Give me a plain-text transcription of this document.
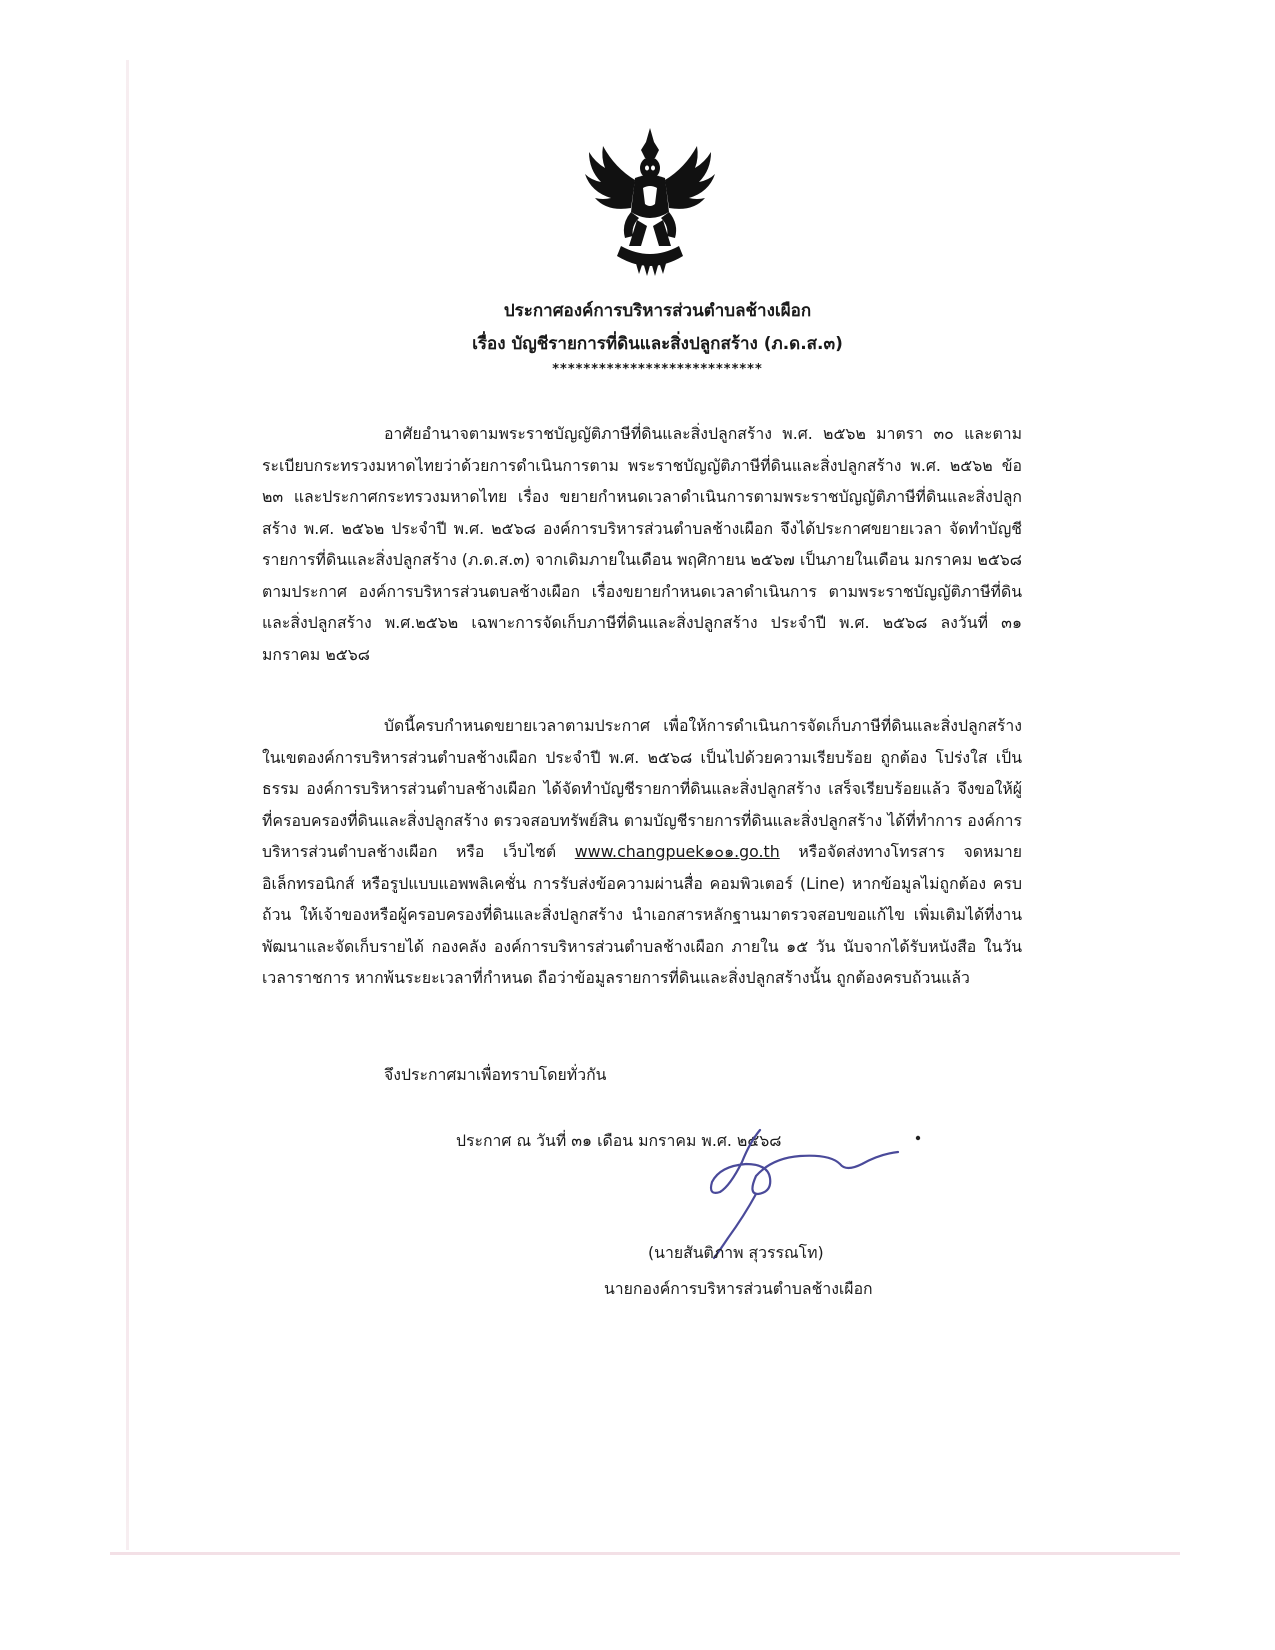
ประกาศองค์การบริหารส่วนตำบลช้างเผือก
เรื่อง บัญชีรายการที่ดินและสิ่งปลูกสร้าง (ภ.ด.ส.๓)
***************************

อาศัยอำนาจตามพระราชบัญญัติภาษีที่ดินและสิ่งปลูกสร้าง พ.ศ. ๒๕๖๒ มาตรา ๓๐ และตามระเบียบกระทรวงมหาดไทยว่าด้วยการดำเนินการตาม พระราชบัญญัติภาษีที่ดินและสิ่งปลูกสร้าง พ.ศ. ๒๕๖๒ ข้อ ๒๓ และประกาศกระทรวงมหาดไทย เรื่อง ขยายกำหนดเวลาดำเนินการตามพระราชบัญญัติภาษีที่ดินและสิ่งปลูกสร้าง พ.ศ. ๒๕๖๒ ประจำปี พ.ศ. ๒๕๖๘ องค์การบริหารส่วนตำบลช้างเผือก จึงได้ประกาศขยายเวลา จัดทำบัญชี รายการที่ดินและสิ่งปลูกสร้าง (ภ.ด.ส.๓) จากเดิมภายในเดือน พฤศิกายน ๒๕๖๗ เป็นภายในเดือน มกราคม ๒๕๖๘ ตามประกาศ องค์การบริหารส่วนตบลช้างเผือก เรื่องขยายกำหนดเวลาดำเนินการ ตามพระราชบัญญัติภาษีที่ดินและสิ่งปลูกสร้าง พ.ศ.๒๕๖๒ เฉพาะการจัดเก็บภาษีที่ดินและสิ่งปลูกสร้าง ประจำปี พ.ศ. ๒๕๖๘ ลงวันที่ ๓๑ มกราคม ๒๕๖๘

บัดนี้ครบกำหนดขยายเวลาตามประกาศ เพื่อให้การดำเนินการจัดเก็บภาษีที่ดินและสิ่งปลูกสร้าง ในเขตองค์การบริหารส่วนตำบลช้างเผือก ประจำปี พ.ศ. ๒๕๖๘ เป็นไปด้วยความเรียบร้อย ถูกต้อง โปร่งใส เป็นธรรม องค์การบริหารส่วนตำบลช้างเผือก ได้จัดทำบัญชีรายกาที่ดินและสิ่งปลูกสร้าง เสร็จเรียบร้อยแล้ว จึงขอให้ผู้ที่ครอบครองที่ดินและสิ่งปลูกสร้าง ตรวจสอบทรัพย์สิน ตามบัญชีรายการที่ดินและสิ่งปลูกสร้าง ได้ที่ทำการ องค์การบริหารส่วนตำบลช้างเผือก หรือ เว็บไซต์ www.changpuek๑๐๑.go.th หรือจัดส่งทางโทรสาร จดหมายอิเล็กทรอนิกส์ หรือรูปแบบแอพพลิเคชั่น การรับส่งข้อความผ่านสื่อ คอมพิวเตอร์ (Line) หากข้อมูลไม่ถูกต้อง ครบถ้วน ให้เจ้าของหรือผู้ครอบครองที่ดินและสิ่งปลูกสร้าง นำเอกสารหลักฐานมาตรวจสอบขอแก้ไข เพิ่มเติมได้ที่งานพัฒนาและจัดเก็บรายได้ กองคลัง องค์การบริหารส่วนตำบลช้างเผือก ภายใน ๑๕ วัน นับจากได้รับหนังสือ ในวันเวลาราชการ หากพ้นระยะเวลาที่กำหนด ถือว่าข้อมูลรายการที่ดินและสิ่งปลูกสร้างนั้น ถูกต้องครบถ้วนแล้ว

จึงประกาศมาเพื่อทราบโดยทั่วกัน

ประกาศ ณ วันที่ ๓๑ เดือน มกราคม พ.ศ. ๒๕๖๘

(นายสันติภาพ สุวรรณโท)

นายกองค์การบริหารส่วนตำบลช้างเผือก
